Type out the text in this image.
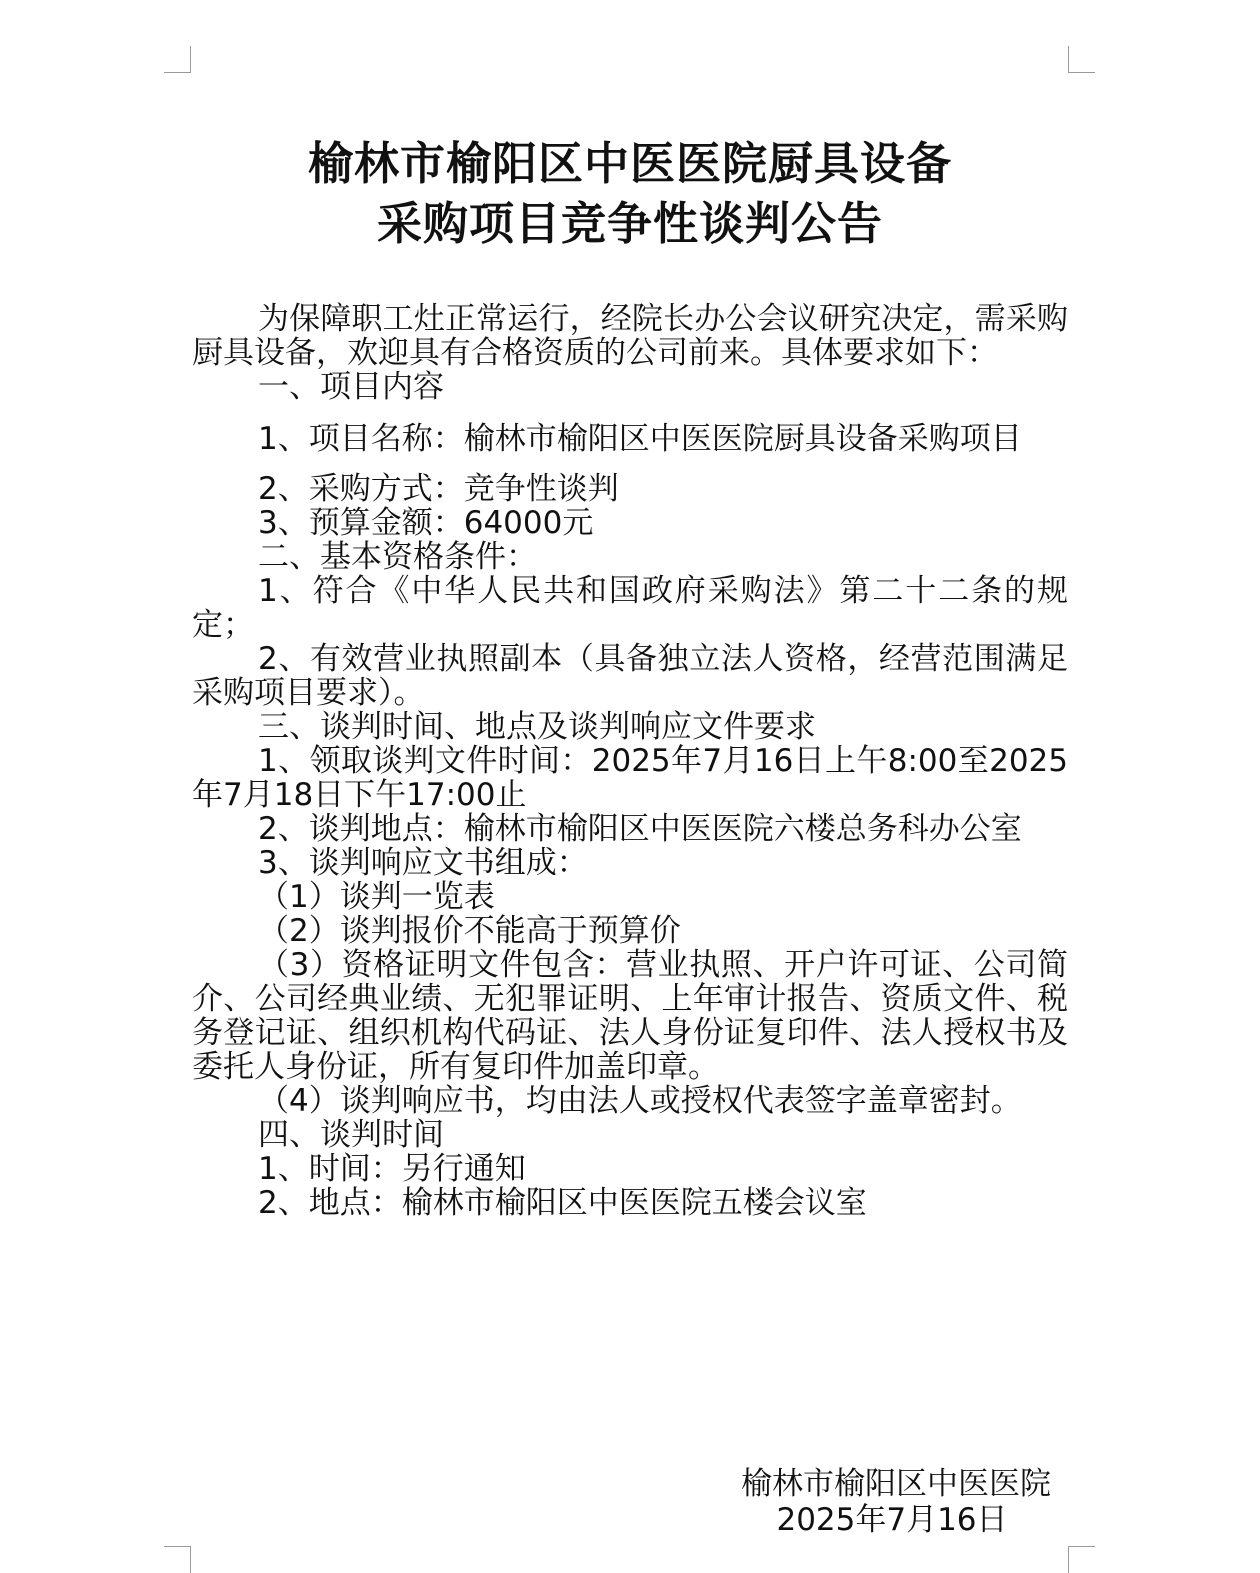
榆林市榆阳区中医医院厨具设备
采购项目竞争性谈判公告

为保障职工灶正常运行，经院长办公会议研究决定，需采购厨具设备，欢迎具有合格资质的公司前来。具体要求如下：

一、项目内容

1、项目名称：榆林市榆阳区中医医院厨具设备采购项目

2、采购方式：竞争性谈判

3、预算金额：64000元

二、基本资格条件：

1、符合《中华人民共和国政府采购法》第二十二条的规定；

2、有效营业执照副本（具备独立法人资格，经营范围满足采购项目要求）。

三、谈判时间、地点及谈判响应文件要求

1、领取谈判文件时间：2025年7月16日上午8:00至2025年7月18日下午17:00止

2、谈判地点：榆林市榆阳区中医医院六楼总务科办公室

3、谈判响应文书组成：

（1）谈判一览表

（2）谈判报价不能高于预算价

（3）资格证明文件包含：营业执照、开户许可证、公司简介、公司经典业绩、无犯罪证明、上年审计报告、资质文件、税务登记证、组织机构代码证、法人身份证复印件、法人授权书及委托人身份证，所有复印件加盖印章。

（4）谈判响应书，均由法人或授权代表签字盖章密封。

四、谈判时间

1、时间：另行通知

2、地点：榆林市榆阳区中医医院五楼会议室

榆林市榆阳区中医医院
2025年7月16日
